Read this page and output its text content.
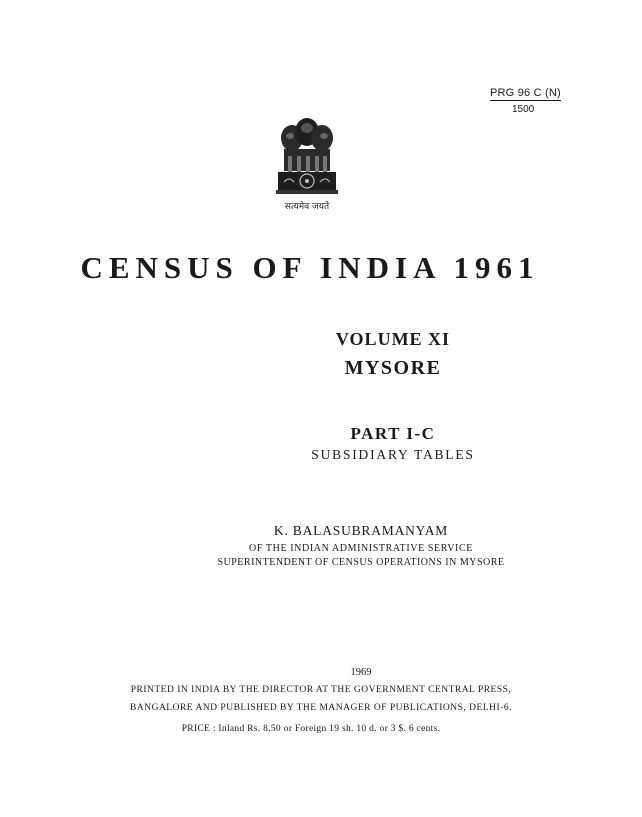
PRG 96 C (N)
1500
सत्यमेव जयते
CENSUS OF INDIA 1961
VOLUME XI
MYSORE
PART I-C
SUBSIDIARY TABLES
K. BALASUBRAMANYAM
OF THE INDIAN ADMINISTRATIVE SERVICE
SUPERINTENDENT OF CENSUS OPERATIONS IN MYSORE
1969
PRINTED IN INDIA BY THE DIRECTOR AT THE GOVERNMENT CENTRAL PRESS,
BANGALORE AND PUBLISHED BY THE MANAGER OF PUBLICATIONS, DELHI-6.
PRICE : Inland Rs. 8.50 or Foreign 19 sh. 10 d. or 3 $. 6 cents.
